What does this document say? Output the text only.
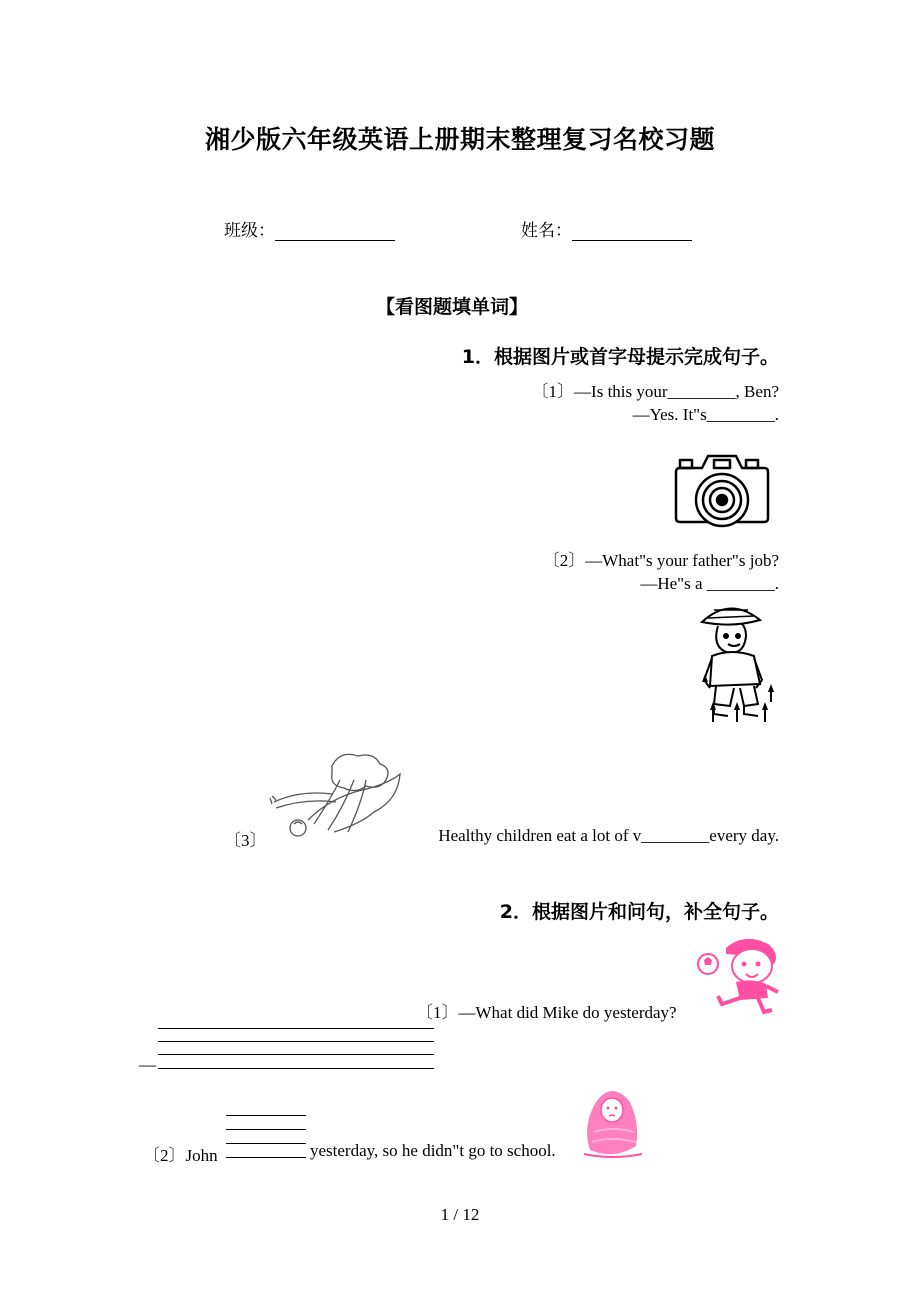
湘少版六年级英语上册期末整理复习名校习题
班级：	姓名：
【看图题填单词】
1．根据图片或首字母提示完成句子。
〔1〕—Is this your________, Ben?
—Yes. It"s________.
〔2〕—What"s your father"s job?
—He"s a ________.
〔3〕	Healthy children eat a lot of v________every day.
2．根据图片和问句，补全句子。
〔1〕—What did Mike do yesterday?
—
〔2〕John	yesterday, so he didn"t go to school.
1 / 12
